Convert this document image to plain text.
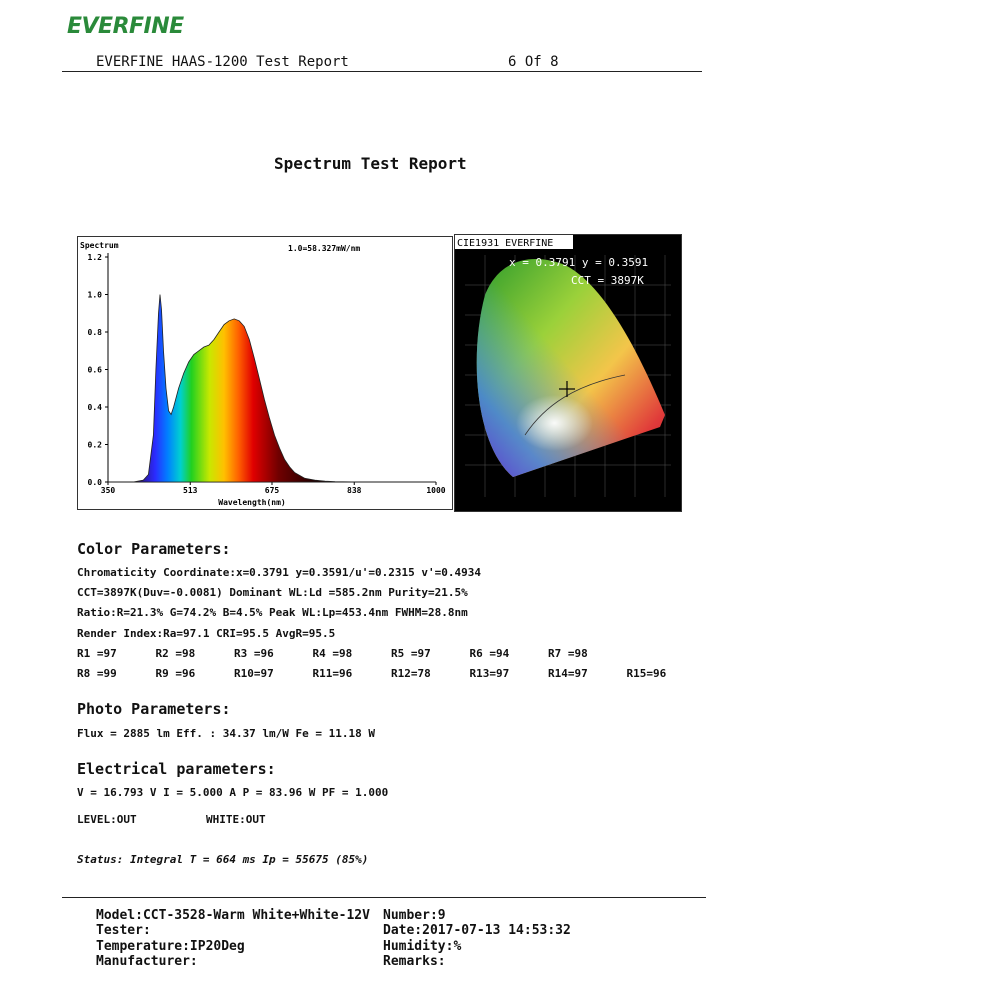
EVERFINE
EVERFINE HAAS-1200 Test Report	6 Of 8
Spectrum Test Report
0.0
0.2
0.4
0.6
0.8
1.0
1.2
350	513	675	838	1000
Spectrum	1.0=58.327mW/nm
Wavelength(nm)
CIE1931 EVERFINE
x = 0.3791 y = 0.3591
CCT = 3897K
Color Parameters:
Chromaticity Coordinate:x=0.3791 y=0.3591/u'=0.2315 v'=0.4934
CCT=3897K(Duv=-0.0081) Dominant WL:Ld =585.2nm Purity=21.5%
Ratio:R=21.3% G=74.2% B=4.5% Peak WL:Lp=453.4nm FWHM=28.8nm
Render Index:Ra=97.1 CRI=95.5 AvgR=95.5
R1 =97	R2 =98	R3 =96	R4 =98	R5 =97	R6 =94	R7 =98
R8 =99	R9 =96	R10=97	R11=96	R12=78	R13=97	R14=97	R15=96
Photo Parameters:
Flux = 2885 lm Eff. : 34.37 lm/W Fe = 11.18 W
Electrical parameters:
V = 16.793 V I = 5.000 A P = 83.96 W PF = 1.000
LEVEL:OUT	WHITE:OUT
Status: Integral T = 664 ms Ip = 55675 (85%)
Model:CCT-3528-Warm White+White-12V Number:9
Tester:	Date:2017-07-13 14:53:32
Temperature:IP20Deg	Humidity:%
Manufacturer:	Remarks:
